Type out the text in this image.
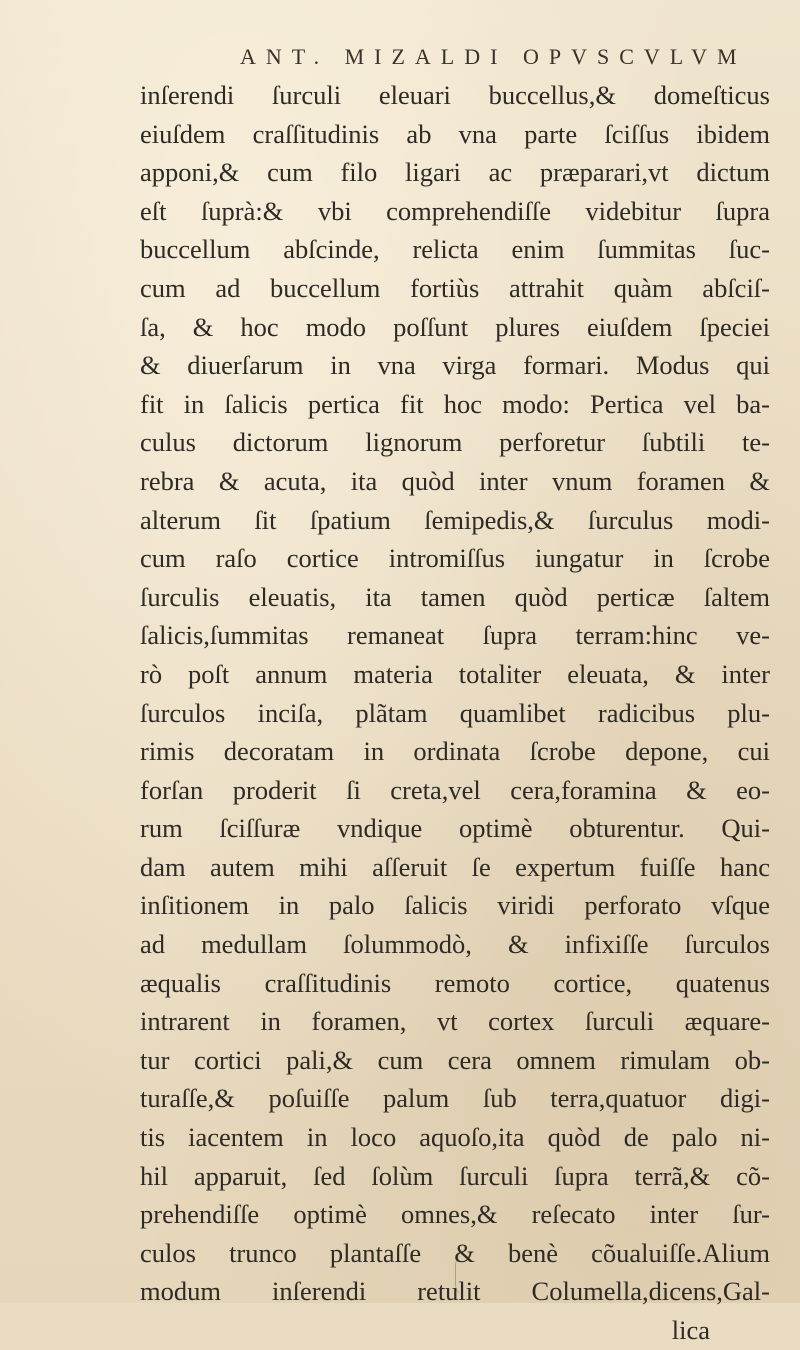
ANT. MIZALDI OPVSCVLVM
inſerendi ſurculi eleuari buccellus,& domeſticus
eiuſdem craſſitudinis ab vna parte ſciſſus ibidem
apponi,& cum filo ligari ac præparari,vt dictum
eſt ſuprà:& vbi comprehendiſſe videbitur ſupra
buccellum abſcinde, relicta enim ſummitas ſuc-
cum ad buccellum fortiùs attrahit quàm abſciſ-
ſa, & hoc modo poſſunt plures eiuſdem ſpeciei
& diuerſarum in vna virga formari. Modus qui
fit in ſalicis pertica fit hoc modo: Pertica vel ba-
culus dictorum lignorum perforetur ſubtili te-
rebra & acuta, ita quòd inter vnum foramen &
alterum ſit ſpatium ſemipedis,& ſurculus modi-
cum raſo cortice intromiſſus iungatur in ſcrobe
ſurculis eleuatis, ita tamen quòd perticæ ſaltem
ſalicis,ſummitas remaneat ſupra terram:hinc ve-
rò poſt annum materia totaliter eleuata, & inter
ſurculos inciſa, plãtam quamlibet radicibus plu-
rimis decoratam in ordinata ſcrobe depone, cui
forſan proderit ſi creta,vel cera,foramina & eo-
rum ſciſſuræ vndique optimè obturentur. Qui-
dam autem mihi aſſeruit ſe expertum fuiſſe hanc
inſitionem in palo ſalicis viridi perforato vſque
ad medullam ſolummodò, & infixiſſe ſurculos
æqualis craſſitudinis remoto cortice, quatenus
intrarent in foramen, vt cortex ſurculi æquare-
tur cortici pali,& cum cera omnem rimulam ob-
turaſſe,& poſuiſſe palum ſub terra,quatuor digi-
tis iacentem in loco aquoſo,ita quòd de palo ni-
hil apparuit, ſed ſolùm ſurculi ſupra terrã,& cõ-
prehendiſſe optimè omnes,& reſecato inter ſur-
culos trunco plantaſſe & benè cõualuiſſe.Alium
modum inſerendi retulit Columella,dicens,Gal-
lica
